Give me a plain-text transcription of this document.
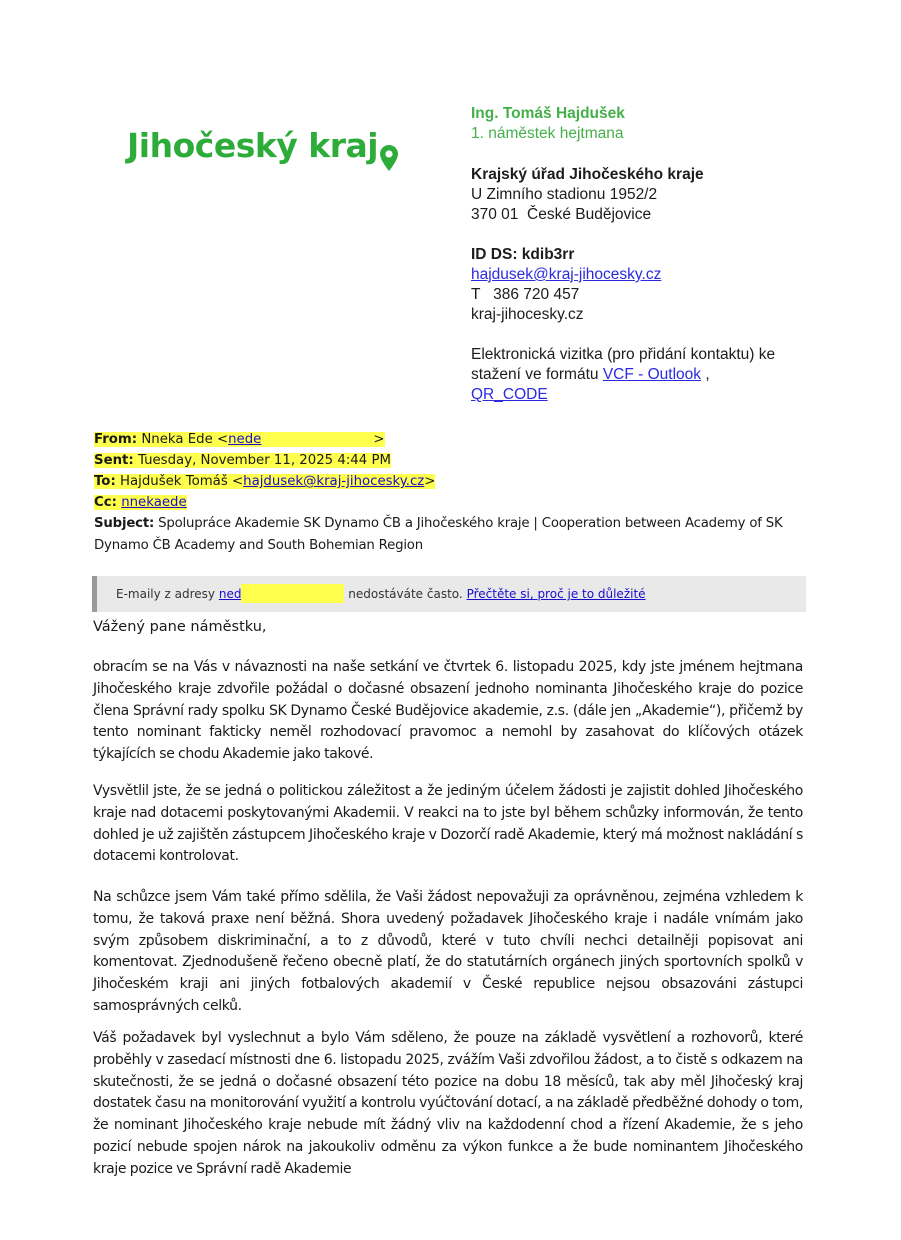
Jihočeský kraj
Ing. Tomáš Hajdušek
1. náměstek hejtmana
Krajský úřad Jihočeského kraje
U Zimního stadionu 1952/2
370 01  České Budějovice
ID DS: kdib3rr
hajdusek@kraj-jihocesky.cz
T   386 720 457
kraj-jihocesky.cz
Elektronická vizitka (pro přidání kontaktu) ke
stažení ve formátu VCF - Outlook ,
QR_CODE
From: Nneka Ede <nede	>
Sent: Tuesday, November 11, 2025 4:44 PM
To: Hajdušek Tomáš <hajdusek@kraj-jihocesky.cz>
Cc: nnekaede
Subject: Spolupráce Akademie SK Dynamo ČB a Jihočeského kraje | Cooperation between Academy of SK Dynamo ČB Academy and South Bohemian Region
E-maily z adresy ned	nedostáváte často. Přečtěte si, proč je to důležité
Vážený pane náměstku,
obracím se na Vás v návaznosti na naše setkání ve čtvrtek 6. listopadu 2025, kdy jste jménem hejtmana Jihočeského kraje zdvořile požádal o dočasné obsazení jednoho nominanta Jihočeského kraje do pozice člena Správní rady spolku SK Dynamo České Budějovice akademie, z.s. (dále jen „Akademie“), přičemž by tento nominant fakticky neměl rozhodovací pravomoc a nemohl by zasahovat do klíčových otázek týkajících se chodu Akademie jako takové.
Vysvětlil jste, že se jedná o politickou záležitost a že jediným účelem žádosti je zajistit dohled Jihočeského kraje nad dotacemi poskytovanými Akademii. V reakci na to jste byl během schůzky informován, že tento dohled je už zajištěn zástupcem Jihočeského kraje v Dozorčí radě Akademie, který má možnost nakládání s dotacemi kontrolovat.
Na schůzce jsem Vám také přímo sdělila, že Vaši žádost nepovažuji za oprávněnou, zejména vzhledem k tomu, že taková praxe není běžná. Shora uvedený požadavek Jihočeského kraje i nadále vnímám jako svým způsobem diskriminační, a to z důvodů, které v tuto chvíli nechci detailněji popisovat ani komentovat. Zjednodušeně řečeno obecně platí, že do statutárních orgánech jiných sportovních spolků v Jihočeském kraji ani jiných fotbalových akademií v České republice nejsou obsazováni zástupci samosprávných celků.
Váš požadavek byl vyslechnut a bylo Vám sděleno, že pouze na základě vysvětlení a rozhovorů, které proběhly v zasedací místnosti dne 6. listopadu 2025, zvážím Vaši zdvořilou žádost, a to čistě s odkazem na skutečnosti, že se jedná o dočasné obsazení této pozice na dobu 18 měsíců, tak aby měl Jihočeský kraj dostatek času na monitorování využití a kontrolu vyúčtování dotací, a na základě předběžné dohody o tom, že nominant Jihočeského kraje nebude mít žádný vliv na každodenní chod a řízení Akademie, že s jeho pozicí nebude spojen nárok na jakoukoliv odměnu za výkon funkce a že bude nominantem Jihočeského kraje pozice ve Správní radě Akademie
